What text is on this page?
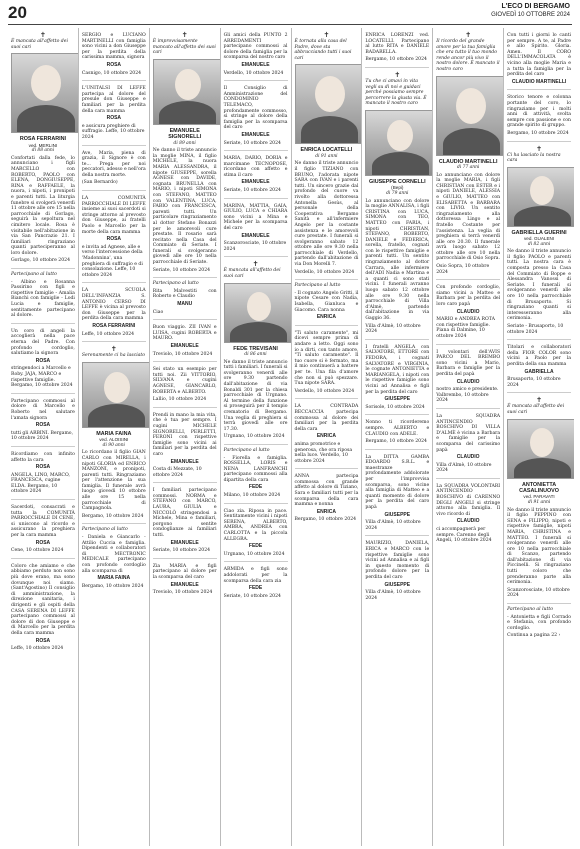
20	L'ECO DI BERGAMO
GIOVEDÌ 10 OTTOBRE 2024
✝
È mancata all'affetto dei suoi cari
ROSA FERRARINI
ved. MERLINI
di 88 anni
Confortati dalla fede, lo annunciano i figli MARCELLO con ROBERTO, PAOLO con ELENA, DONGIUSEPPE, RINA e RAFFAELE, la nuora, i nipoti, i pronipoti e parenti tutti. La liturgia funebre si svolgerà venerdì 11 ottobre alle ore 15 nella parrocchiale di Gorlago, seguirà la sepoltura nel cimitero locale. Rosa è visitabile nell'abitazione in via San Pancrazio 21. I familiari ringraziano quanti parteciperanno al loro dolore.
Gorlago, 10 ottobre 2024
Partecipano al lutto
- Albino e Rosanna Passirino con figli e rispettive famiglie - Amalia Bianchi con famiglie - Lodi Lucia e famiglie, sentitamente partecipano al dolore.
Un coro di angeli la accoglierà nella pace eterna del Padre. Con profondo cordoglio, salutiamo la signora
ROSA
stringendoci a Marcello e Roby. JAJA, MARCO e rispettive famiglie. Bergamo, 10 ottobre 2024
Partecipano commossi al dolore di Marcello e Roberto nel salutare l'amata signora
ROSA
tutti gli ARBINI. Bergamo, 10 ottobre 2024
Ricordiamo con infinito affetto la cara
ROSA
ANGELA, LINO, MARCO, FRANCESCA, cugine ELDA. Bergamo, 10 ottobre 2024
Sacerdoti, consacrati e tutta la COMUNITÀ PARROCCHIALE DI CENE, si uniscono al ricordo e assicurano la preghiera per la cara mamma
ROSA
Cene, 10 ottobre 2024
Coloro che amiamo e che abbiamo perduto non sono più dove erano, ma sono dovunque noi siamo. (Sant'Agostino) Il consiglio di amministrazione, la direzione sanitaria, i dirigenti e gli ospiti della CASA SERENA DI LEFFE partecipano commossi al dolore di don Giuseppe e di Marcello per la perdita della cara mamma
ROSA
Leffe, 10 ottobre 2024
SERGIO e LUCIANO MARTINELLI con famiglia sono vicini a don Giuseppe per la perdita della carissima mamma, signora
ROSA
Casnigo, 10 ottobre 2024
L'UNITALSI DI LEFFE partecipa al dolore del presule don Giuseppe e familiari per la perdita della cara mamma
ROSA
e assicura preghiere di suffragio. Leffe, 10 ottobre 2024
Ave, Maria, piena di grazia, il Signore è con te... Prega per noi peccatori, adesso e nell'ora della nostra morte.
(San Bernardo)
LA COMUNITÀ PARROCCHIALE DI LEFFE insieme ai suoi sacerdoti si stringe attorno al prevosto don Giuseppe, ai fratelli Paolo e Marcello per la morte della cara mamma
ROSA
e invita ad Agnese, alle e verso l'intercessione della 'Madonnina', una preghiera di suffragio e di consolazione. Leffe, 10 ottobre 2024
LA SCUOLA DELL'INFANZIA S. ANTONIO CERSO DI LEFFE è vicina al prevosto don Giuseppe per la perdita della cara mamma
ROSA FERRARINI
Leffe, 10 ottobre 2024
✝
Serenamente ci ha lasciato
MARIA FAINA
ved. ALOISINI
di 90 anni
Lo ricordano il figlio GIAN CARLO con MIRELLA, i nipoti GLORIA ed ENRICO MANZONI, e pronipoti, parenti tutti. Ringraziamo per l'attenzione la sua famiglia. Il funerale avrà luogo giovedì 10 ottobre alle ore 15 nella parrocchiale di Campagnola.
Bergamo, 10 ottobre 2024
Partecipano al lutto
- Daniela e Giancarlo - Attilio Cuccia e famiglia. Dipendenti e collaboratori di MECTRONIC MEDICALE partecipano con profondo cordoglio alla scomparsa di
MARIA FAINA
Bergamo, 10 ottobre 2024
✝
È improvvisamente mancato all'affetto dei suoi cari
EMANUELE SIGNORELLI
di 89 anni
Ne danno il triste annuncio la moglie MINA, il figlio MICHELE, la nuora MARIA ALESSANDRA, il nipote GIUSEPPE, sorella AGNESE con DAVIDE, cognata BRUNELLA con MARIO, i nipoti SIMONA con STEFANO, MATTEO con VALENTINA, LUCA, FABIO con FRANCESCA, parenti tutti. Un particolare ringraziamento al dottor Stefano Bonazzi per le amorevoli cure prestate. Il rosario sarà recitato nella Casa del Commiato di Seriate. I funerali si svolgeranno giovedì alle ore 10 nella parrocchiale di Seriate.
Seriate, 10 ottobre 2024
Partecipano al lutto
Rita Malvestiti con Roberto e Claudio
MANU
Ciao
Buon viaggio. ZII IVAN e LUISA, cugini ROBERTA e MAURO.
EMANUELE
Treviolo, 10 ottobre 2024
Sei stato un esempio per tutti noi. Zii VITTORIO, SILVANA e cugini AGNESE, GIANCARLO, ROBERTA e ALBERTO.
Lallio, 10 ottobre 2024
Prendi in mano la mia vita, che è tua per sempre. I cugini MICHELE SIGNORELLI, PERLETTI, FERONI con rispettive famiglie sono vicini ai familiari per la perdita del caro
EMANUELE
Costa di Mezzate, 10 ottobre 2024
I familiari partecipano commossi. NORMA e STEFANO con MARCO, LAURA, GIULIA e NICCOLÒ stringendosi a Michele, Mina e familiari, porgono sentite condoglianze ai familiari tutti.
EMANUELE
Seriate, 10 ottobre 2024
Zia MARIA e figli partecipano al dolore per la scomparsa del caro
EMANUELE
Treviolo, 10 ottobre 2024
Gli amici della PUNTO 2 ARREDAMENTI partecipano commossi al dolore della famiglia per la scomparsa del nostro caro
EMANUELE
Verdello, 10 ottobre 2024
Il Consiglio di Amministrazione del CONDOMINIO TELEMACO, profondamente commosso, si stringe al dolore della famiglia per la scomparsa del caro
EMANUELE
Seriate, 10 ottobre 2024
MARIA, DARIO, DORIA e marcimane TECNOPOSE, ricordano con affetto e stima il caro
EMANUELE
Seriate, 10 ottobre 2024
MARINA, MATTIA, GAIA, GIULIO, LUCA e CHIARA sono vicini a Mina e Michele per la scomparsa del caro
EMANUELE
Scanzorosciate, 10 ottobre 2024
✝
È mancata all'affetto dei suoi cari
FEDE TREVISANI
di 86 anni
Ne danno il triste annuncio tutti i familiari. I funerali si svolgeranno venerdì alle ore 9.30 partendo dall'abitazione di via Bonaldi 301 per la chiesa parrocchiale di Urgnano. Al termine della funzione si proseguirà per il tempio crematorio di Bergamo. Una veglia di preghiera si terrà giovedì alle ore 17.30.
Urgnano, 10 ottobre 2024
Partecipano al lutto
- Fiorella e famiglia. ROSSELLA, LORIS e NENA LANFRANCHI partecipano commossi alla dipartita della cara
FEDE
Milano, 10 ottobre 2024
Ciao zia. Riposa in pace. Sentitamente vicini i nipoti SERENA, ALBERTO, AMBRA, ANDREA con CARLOTTA e la piccola ALLEGRA.
FEDE
Urgnano, 10 ottobre 2024
ARMIDA e figli sono addolorati per la scomparsa della cara zia
FEDE
Seriate, 10 ottobre 2024
✝
È tornata alla casa del Padre, dove sta abbracciando tutti i suoi cari
ENRICA LOCATELLI
di 91 anni
Ne danno il triste annuncio il figlio TIZIANO con BRUNO, l'adorata nipote SARA con IVAN e i parenti tutti. Un sincero grazie dal profondo del cuore va rivolto alla dottoressa Antonella Gesùs, al personale della Cooperativa Bergamo Sanità e all'infermiere Angelo per la costante assistenza e le amorevoli cure prestate. I funerali si svolgeranno sabato 12 ottobre alle ore 9.30 nella parrocchiale di Verdello, partendo dall'abitazione di via Don Morelli 7.
Verdello, 10 ottobre 2024
Partecipano al lutto
- Il cognato Angelo Gritti, il nipote Cesare con Nadia, Isabella, Gianluca e Giacomo. Cara nonna
ENRICA
"Ti saluto caramente", mi dicevi sempre prima di andare a letto. Oggi sono io a dirti, con tanto amore, "Ti saluto caramente". Il tuo cuore si è fermato, ma il mio continuerà a battere per te. Una fila d'amore che non si può spezzare. Tua nipote SARA.
Verdello, 10 ottobre 2024
LA CONTRADA BECCACCIA partecipa commossa al dolore dei familiari per la perdita della cara
ENRICA
anima promotrice e generosa, che ora riposa nella luce. Verdello, 10 ottobre 2024
ANNA partecipa commossa con grande affetto al dolore di Tiziano, Sara e familiari tutti per la scomparsa della cara mamma e nonna
ENRICA
Bergamo, 10 ottobre 2024
ENRICA LORENZI ved. LOCATELLI. Partecipano al lutto RITA e DANIELE BADARELLA.
Bergamo, 10 ottobre 2024
✝
Tu che ci amavi in vita vegli su di noi e guidaci perché possiamo sempre percorrere la giusta via. È mancato il nostro caro
GIUSEPPE CORNELLI
(Bepi)
di 79 anni
Lo annunciano con dolore la moglie ANNALISA, i figli CRISTINA con LUCA, SIMONA con TEO, MATTEO con FARIA, i nipoti CHRISTIAN, STEFANO, ROBERTO, DANIELE e FEDERICA, sorella, fratello, cognati con le rispettive famiglie e parenti tutti. Un sentito ringraziamento al dottor Carrara, alle infermiere dell'ADI Nadia e Martina e a quanti ci sono stati vicini. I funerali avranno luogo sabato 12 ottobre alle ore 9.30 nella parrocchiale di Villa d'Almè, partendo dall'abitazione in via Gaggio 36.
Villa d'Almè, 10 ottobre 2024
I fratelli ANGELA con SALVATORE, ETTORE con FEDORA, i cognati SALVATORE e VIRGINIA, le cognate ANTONIETTA e MARIANGELA, i nipoti con le rispettive famiglie sono vicini ad Annalisa e figli per la perdita del caro
GIUSEPPE
Sorisole, 10 ottobre 2024
Nonno ti ricorderemo sempre. ALBERTO e CLAUDIO con ADELE.
Bergamo, 10 ottobre 2024
La DITTA GAMBA EDOARDO S.R.L. e maestranze profondamente addolorate per l'improvvisa scomparsa, sono vicine alla famiglia di Matteo e a quanti momento di dolore per la perdita del caro papà
GIUSEPPE
Villa d'Almè, 10 ottobre 2024
MAURIZIO, DANIELA, ERICA e MARCO con le rispettive famiglie sono vicini ad Annalisa e ai figli in questo momento di profondo dolore per la perdita del caro
GIUSEPPE
Villa d'Almè, 10 ottobre 2024
✝
Il ricordo del grande amore per la tua famiglia che era tutto il tuo mondo rende ancor più vivo il nostro dolore. È mancato il nostro caro
CLAUDIO MARTINELLI
di 77 anni
Lo annunciano con dolore la moglie MARIA, i figli CHRISTIAN con ESTER e i nipoti DANIELE, ALESSIA e GIULIO, MATTEO con ELISABETTA e BARBARA con LIVIO. Un sentito ringraziamento alla dottoressa Lingo e al fratello Costante per l'assistenza. La veglia di preghiera si terrà venerdì alle ore 20.30. Il funerale avrà luogo sabato 12 ottobre alle ore 10 nella parrocchiale di Osio Sopra.
Osio Sopra, 10 ottobre 2024
Con profondo cordoglio, siamo vicini a Matteo e Barbara per la perdita del loro caro papà
CLAUDIO
MARIO e ANDREA ROTA con rispettive famiglie. Piana di Dalmine, 10 ottobre 2024
I volontari dell'AVIS PARCO DEL BREMBO sono vicini a Mario, Barbara e famiglie per la perdita del papà
CLAUDIO
nostro amico e presidente. Valbrembo, 10 ottobre 2024
La SQUADRA ANTINCENDIO BOSCHIVO DI VILLA D'ALMÈ è vicina a Barbara e famiglie per la scomparsa del carissimo papà
CLAUDIO
Villa d'Almè, 10 ottobre 2024
La SQUADRA VOLONTARI ANTINCENDIO BOSCHIVO di CARENNO DEGLI ANGELI si stringe attorno alla famiglia. Il vivo ricordo di
CLAUDIO
ci accompagnerà per sempre. Carenno degli Angeli, 10 ottobre 2024
Con tutti i giorni lo canti per sempre. A te, al Padre e allo Spirito. Gloria. Amen. Il CORO DELL'IMMACOLATA è vicino alla moglie Maria e a tutta la famiglia per la perdita del caro
CLAUDIO MARTINELLI
Storico tenore e colonna portante del coro, lo ringraziamo per i molti anni di attività, svolta sempre con passione e con grande spirito di gruppo.
Bergamo, 10 ottobre 2024
✝
Ci ha lasciato la nostra cara
GABRIELLA GUERINI
ved. GUALENI
di 82 anni
Ne danno il triste annuncio il figlio PAOLO e parenti tutti. La nostra cara è composta presso la Casa del Commiato di Boppe e Alessandra Vanossi di Seriate. I funerali si svolgeranno venerdì alle ore 10 nella parrocchiale di Brusaporto. Si ringraziano quanti si interesseranno alla cerimonia.
Seriate - Brusaporto, 10 ottobre 2024
Titolari e collaboratori della FIOR COLOR sono vicini a Paolo per la perdita della sua mamma
GABRIELLA
Brusaporto, 10 ottobre 2024
✝
È mancata all'affetto dei suoi cari
ANTONIETTA CASALINUOVO
ved. PARAVATI
di 91 anni
Ne danno il triste annuncio il figlio PEPPINO con SENA e FILIPPO, nipoti e rispettive famiglie, nipoti MARIA, CHRISTINA e MATTEO. I funerali si svolgeranno venerdì alle ore 10 nella parrocchiale di Scanzo, partendo dall'abitazione di via Piccinelli. Si ringraziano tutti coloro che prenderanno parte alla cerimonia.
Scanzorosciate, 10 ottobre 2024
Partecipano al lutto
- Antonietta e figli Corrado e Stefania, con profondo cordoglio.
Continua a pagina 22 ›
